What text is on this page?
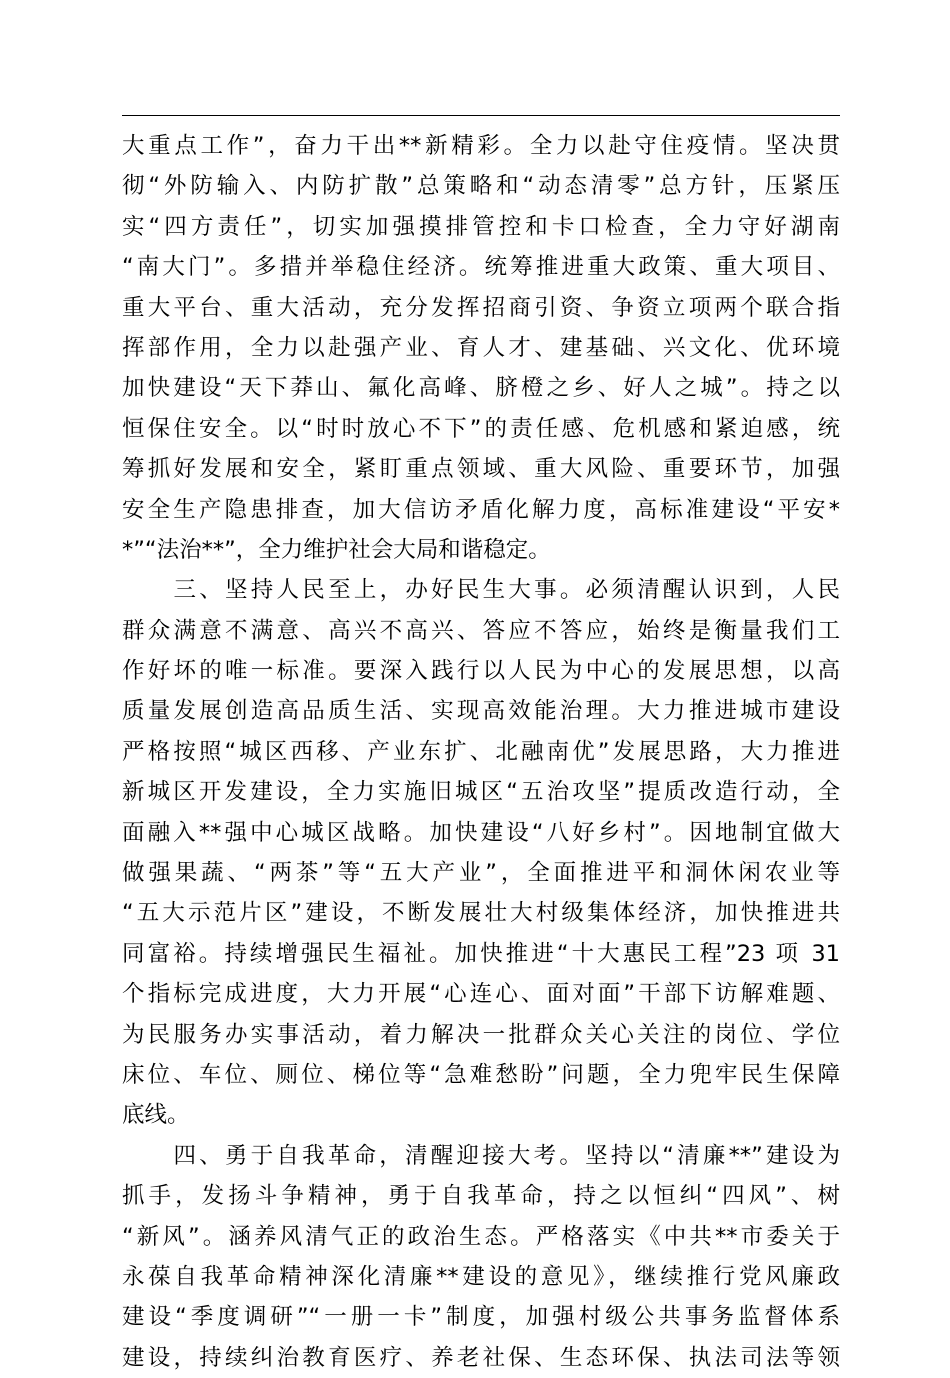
大重点工作”，奋力干出**新精彩。全力以赴守住疫情。坚决贯
彻“外防输入、内防扩散”总策略和“动态清零”总方针，压紧压
实“四方责任”，切实加强摸排管控和卡口检查，全力守好湖南
“南大门”。多措并举稳住经济。统筹推进重大政策、重大项目、
重大平台、重大活动，充分发挥招商引资、争资立项两个联合指
挥部作用，全力以赴强产业、育人才、建基础、兴文化、优环境
加快建设“天下莽山、氟化高峰、脐橙之乡、好人之城”。持之以
恒保住安全。以“时时放心不下”的责任感、危机感和紧迫感，统
筹抓好发展和安全，紧盯重点领域、重大风险、重要环节，加强
安全生产隐患排查，加大信访矛盾化解力度，高标准建设“平安*
*”“法治**”，全力维护社会大局和谐稳定。
　　三、坚持人民至上，办好民生大事。必须清醒认识到，人民
群众满意不满意、高兴不高兴、答应不答应，始终是衡量我们工
作好坏的唯一标准。要深入践行以人民为中心的发展思想，以高
质量发展创造高品质生活、实现高效能治理。大力推进城市建设
严格按照“城区西移、产业东扩、北融南优”发展思路，大力推进
新城区开发建设，全力实施旧城区“五治攻坚”提质改造行动，全
面融入**强中心城区战略。加快建设“八好乡村”。因地制宜做大
做强果蔬、“两茶”等“五大产业”，全面推进平和洞休闲农业等
“五大示范片区”建设，不断发展壮大村级集体经济，加快推进共
同富裕。持续增强民生福祉。加快推进“十大惠民工程”23 项 31
个指标完成进度，大力开展“心连心、面对面”干部下访解难题、
为民服务办实事活动，着力解决一批群众关心关注的岗位、学位
床位、车位、厕位、梯位等“急难愁盼”问题，全力兜牢民生保障
底线。
　　四、勇于自我革命，清醒迎接大考。坚持以“清廉**”建设为
抓手，发扬斗争精神，勇于自我革命，持之以恒纠“四风”、树
“新风”。涵养风清气正的政治生态。严格落实《中共**市委关于
永葆自我革命精神深化清廉**建设的意见》，继续推行党风廉政
建设“季度调研”“一册一卡”制度，加强村级公共事务监督体系
建设，持续纠治教育医疗、养老社保、生态环保、执法司法等领
